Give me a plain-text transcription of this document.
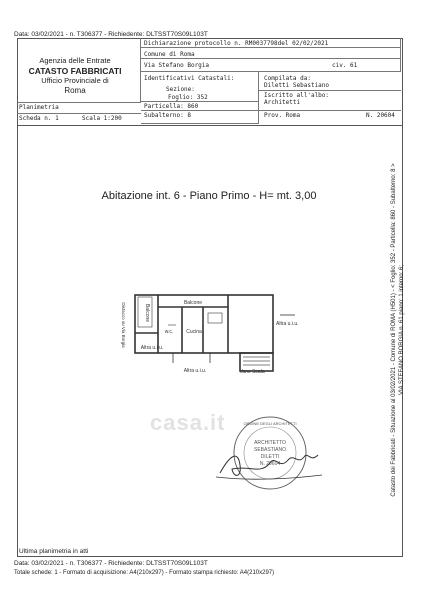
Data: 03/02/2021 - n. T306377 - Richiedente: DLTSST70S09L103T
Agenzia delle Entrate
CATASTO FABBRICATI
Ufficio Provinciale di
Roma
Dichiarazione protocollo n. RM0037798del 02/02/2021
Comune di Roma
Via Stefano Borgia	civ. 61
Identificativi Catastali:
Sezione:
Foglio: 352
Particella: 860
Subalterno: 8
Compilata da:
Diletti Sebastiano
Iscritto all'albo:
Architetti
Prov. Roma	N. 20604
Planimetria
Scheda n. 1	Scala 1:200
Abitazione int. 6 - Piano Primo - H= mt. 3,00
Balcone
Cucina
w.c.
Altra u.i.u.
Altra u.i.u.
Altra u.i.u.	Vano Scala
Balcone
Distacco su Via Borgia
casa.it	ORDINE DEGLI ARCHITETTI
ARCHITETTO
SEBASTIANO
DILETTI
N. 20604	Catasto dei Fabbricati - Situazione al 03/02/2021 - Comune di ROMA (H501) - < Foglio: 352 - Particella: 860 - Subalterno: 8 > VIA STEFANO BORGIA n. 61 piano: 1 interno: 6;
Ultima planimetria in atti
Data: 03/02/2021 - n. T306377 - Richiedente: DLTSST70S09L103T
Totale schede: 1 - Formato di acquisizione: A4(210x297) - Formato stampa richiesto: A4(210x297)
